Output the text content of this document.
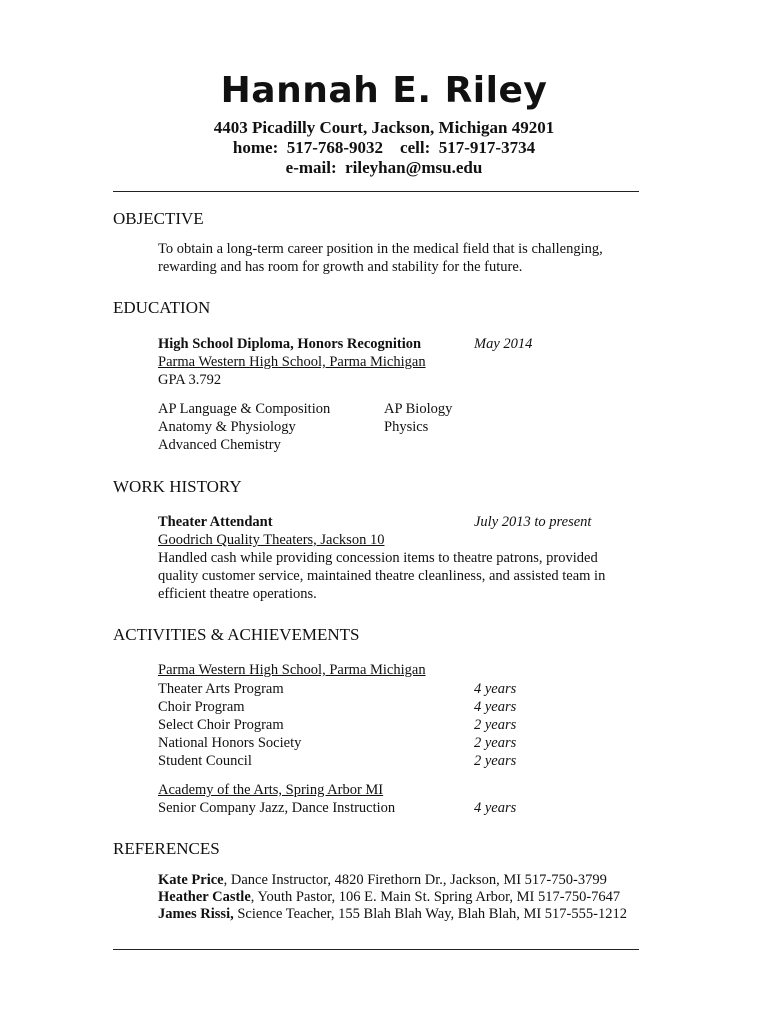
Hannah E. Riley
4403 Picadilly Court, Jackson, Michigan 49201
home:  517-768-9032    cell:  517-917-3734
e-mail:  rileyhan@msu.edu
OBJECTIVE
To obtain a long-term career position in the medical field that is challenging,
rewarding and has room for growth and stability for the future.
EDUCATION
High School Diploma, Honors Recognition	May 2014
Parma Western High School, Parma Michigan
GPA 3.792
AP Language & Composition	AP Biology
Anatomy & Physiology	Physics
Advanced Chemistry
WORK HISTORY
Theater Attendant	July 2013 to present
Goodrich Quality Theaters, Jackson 10
Handled cash while providing concession items to theatre patrons, provided
quality customer service, maintained theatre cleanliness, and assisted team in
efficient theatre operations.
ACTIVITIES & ACHIEVEMENTS
Parma Western High School, Parma Michigan
Theater Arts Program	4 years
Choir Program	4 years
Select Choir Program	2 years
National Honors Society	2 years
Student Council	2 years
Academy of the Arts, Spring Arbor MI
Senior Company Jazz, Dance Instruction	4 years
REFERENCES
Kate Price, Dance Instructor, 4820 Firethorn Dr., Jackson, MI 517-750-3799
Heather Castle, Youth Pastor, 106 E. Main St. Spring Arbor, MI 517-750-7647
James Rissi, Science Teacher, 155 Blah Blah Way, Blah Blah, MI 517-555-1212
